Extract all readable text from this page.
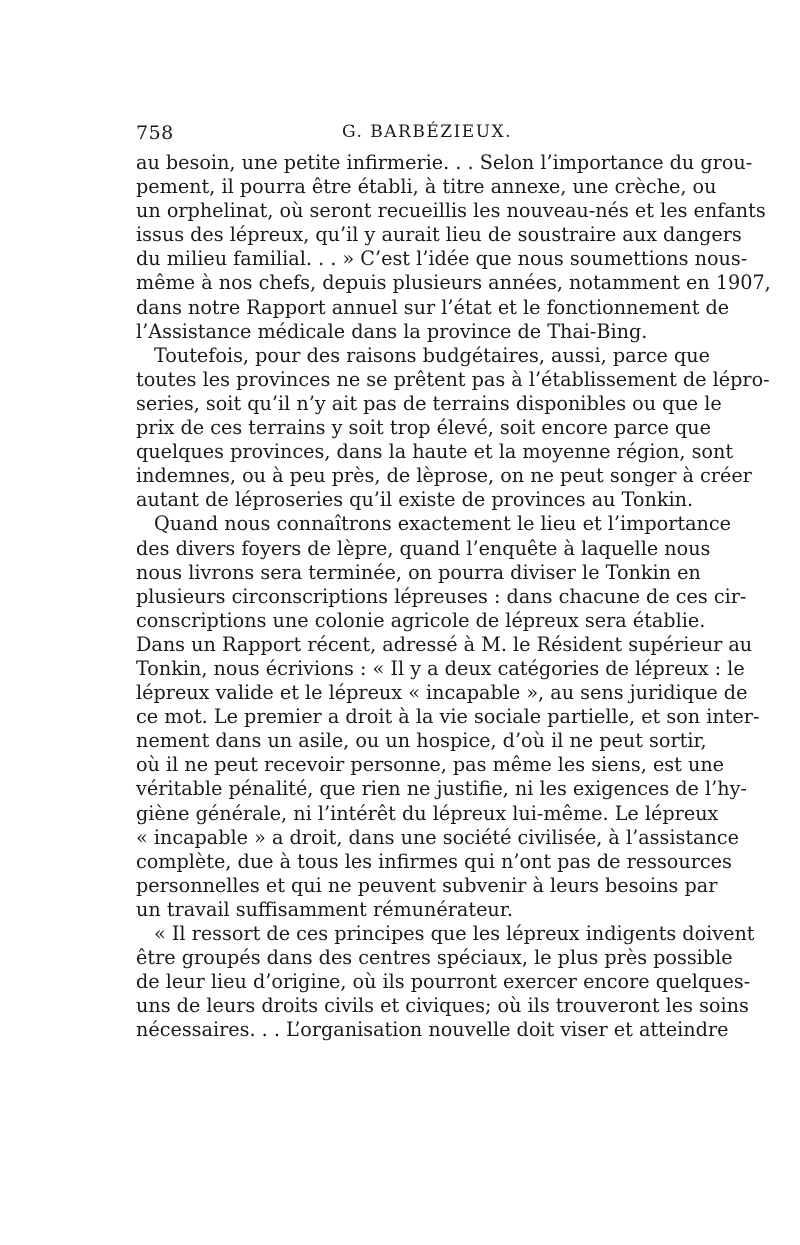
758	G. BARBÉZIEUX.
au besoin, une petite infirmerie. . . Selon l’importance du grou-
pement, il pourra être établi, à titre annexe, une crèche, ou
un orphelinat, où seront recueillis les nouveau-nés et les enfants
issus des lépreux, qu’il y aurait lieu de soustraire aux dangers
du milieu familial. . . » C’est l’idée que nous soumettions nous-
même à nos chefs, depuis plusieurs années, notamment en 1907,
dans notre Rapport annuel sur l’état et le fonctionnement de
l’Assistance médicale dans la province de Thai-Bing.
Toutefois, pour des raisons budgétaires, aussi, parce que
toutes les provinces ne se prêtent pas à l’établissement de lépro-
series, soit qu’il n’y ait pas de terrains disponibles ou que le
prix de ces terrains y soit trop élevé, soit encore parce que
quelques provinces, dans la haute et la moyenne région, sont
indemnes, ou à peu près, de lèprose, on ne peut songer à créer
autant de léproseries qu’il existe de provinces au Tonkin.
Quand nous connaîtrons exactement le lieu et l’importance
des divers foyers de lèpre, quand l’enquête à laquelle nous
nous livrons sera terminée, on pourra diviser le Tonkin en
plusieurs circonscriptions lépreuses : dans chacune de ces cir-
conscriptions une colonie agricole de lépreux sera établie.
Dans un Rapport récent, adressé à M. le Résident supérieur au
Tonkin, nous écrivions : « Il y a deux catégories de lépreux : le
lépreux valide et le lépreux « incapable », au sens juridique de
ce mot. Le premier a droit à la vie sociale partielle, et son inter-
nement dans un asile, ou un hospice, d’où il ne peut sortir,
où il ne peut recevoir personne, pas même les siens, est une
véritable pénalité, que rien ne justifie, ni les exigences de l’hy-
giène générale, ni l’intérêt du lépreux lui-même. Le lépreux
« incapable » a droit, dans une société civilisée, à l’assistance
complète, due à tous les infirmes qui n’ont pas de ressources
personnelles et qui ne peuvent subvenir à leurs besoins par
un travail suffisamment rémunérateur.
« Il ressort de ces principes que les lépreux indigents doivent
être groupés dans des centres spéciaux, le plus près possible
de leur lieu d’origine, où ils pourront exercer encore quelques-
uns de leurs droits civils et civiques; où ils trouveront les soins
nécessaires. . . L’organisation nouvelle doit viser et atteindre
